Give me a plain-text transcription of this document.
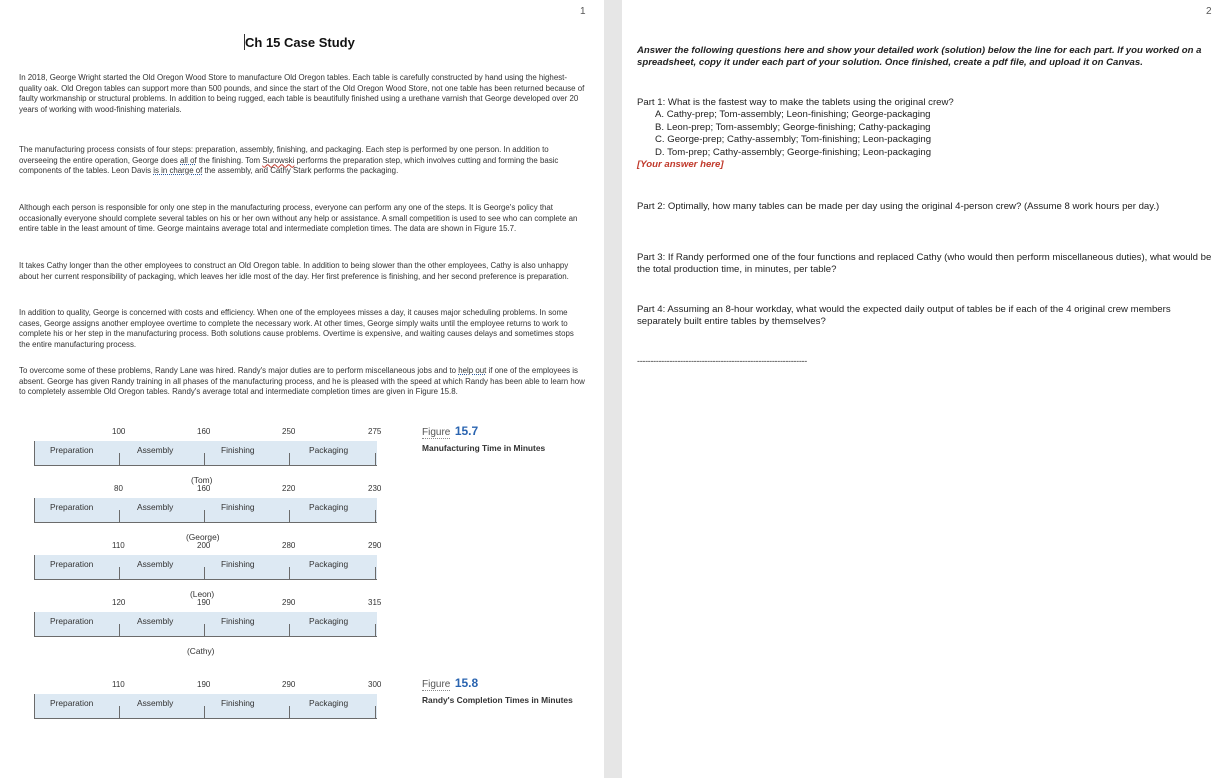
1
Ch 15 Case Study

In 2018, George Wright started the Old Oregon Wood Store to manufacture Old Oregon tables. Each table is carefully constructed by hand using the highest-quality oak. Old Oregon tables can support more than 500 pounds, and since the start of the Old Oregon Wood Store, not one table has been returned because of faulty workmanship or structural problems. In addition to being rugged, each table is beautifully finished using a urethane varnish that George developed over 20 years of working with wood-finishing materials.

The manufacturing process consists of four steps: preparation, assembly, finishing, and packaging. Each step is performed by one person. In addition to overseeing the entire operation, George does all of the finishing. Tom Surowski performs the preparation step, which involves cutting and forming the basic components of the tables. Leon Davis is in charge of the assembly, and Cathy Stark performs the packaging.

Although each person is responsible for only one step in the manufacturing process, everyone can perform any one of the steps. It is George's policy that occasionally everyone should complete several tables on his or her own without any help or assistance. A small competition is used to see who can complete an entire table in the least amount of time. George maintains average total and intermediate completion times. The data are shown in Figure 15.7.

It takes Cathy longer than the other employees to construct an Old Oregon table. In addition to being slower than the other employees, Cathy is also unhappy about her current responsibility of packaging, which leaves her idle most of the day. Her first preference is finishing, and her second preference is preparation.

In addition to quality, George is concerned with costs and efficiency. When one of the employees misses a day, it causes major scheduling problems. In some cases, George assigns another employee overtime to complete the necessary work. At other times, George simply waits until the employee returns to work to complete his or her step in the manufacturing process. Both solutions cause problems. Overtime is expensive, and waiting causes delays and sometimes stops the entire manufacturing process.

To overcome some of these problems, Randy Lane was hired. Randy's major duties are to perform miscellaneous jobs and to help out if one of the employees is absent. George has given Randy training in all phases of the manufacturing process, and he is pleased with the speed at which Randy has been able to learn how to completely assemble Old Oregon tables. Randy's average total and intermediate completion times are given in Figure 15.8.

100	160	250	275
Preparation	Assembly	Finishing	Packaging
(Tom)
80	160	220	230
Preparation	Assembly	Finishing	Packaging
(George)
110	200	280	290
Preparation	Assembly	Finishing	Packaging
(Leon)
120	190	290	315
Preparation	Assembly	Finishing	Packaging
(Cathy)
110	190	290	300
Preparation	Assembly	Finishing	Packaging
Figure 15.7
Manufacturing Time in Minutes
Figure 15.8
Randy's Completion Times in Minutes
2
Answer the following questions here and show your detailed work (solution) below the line for each part. If you worked on a spreadsheet, copy it under each part of your solution. Once finished, create a pdf file, and upload it on Canvas.
Part 1: What is the fastest way to make the tablets using the original crew?
A. Cathy-prep; Tom-assembly; Leon-finishing; George-packaging
B. Leon-prep; Tom-assembly; George-finishing; Cathy-packaging
C. George-prep; Cathy-assembly; Tom-finishing; Leon-packaging
D. Tom-prep; Cathy-assembly; George-finishing; Leon-packaging
[Your answer here]
Part 2: Optimally, how many tables can be made per day using the original 4-person crew? (Assume 8 work hours per day.)
Part 3: If Randy performed one of the four functions and replaced Cathy (who would then perform miscellaneous duties), what would be the total production time, in minutes, per table?
Part 4: Assuming an 8-hour workday, what would the expected daily output of tables be if each of the 4 original crew members separately built entire tables by themselves?
---------------------------------------------------------------
